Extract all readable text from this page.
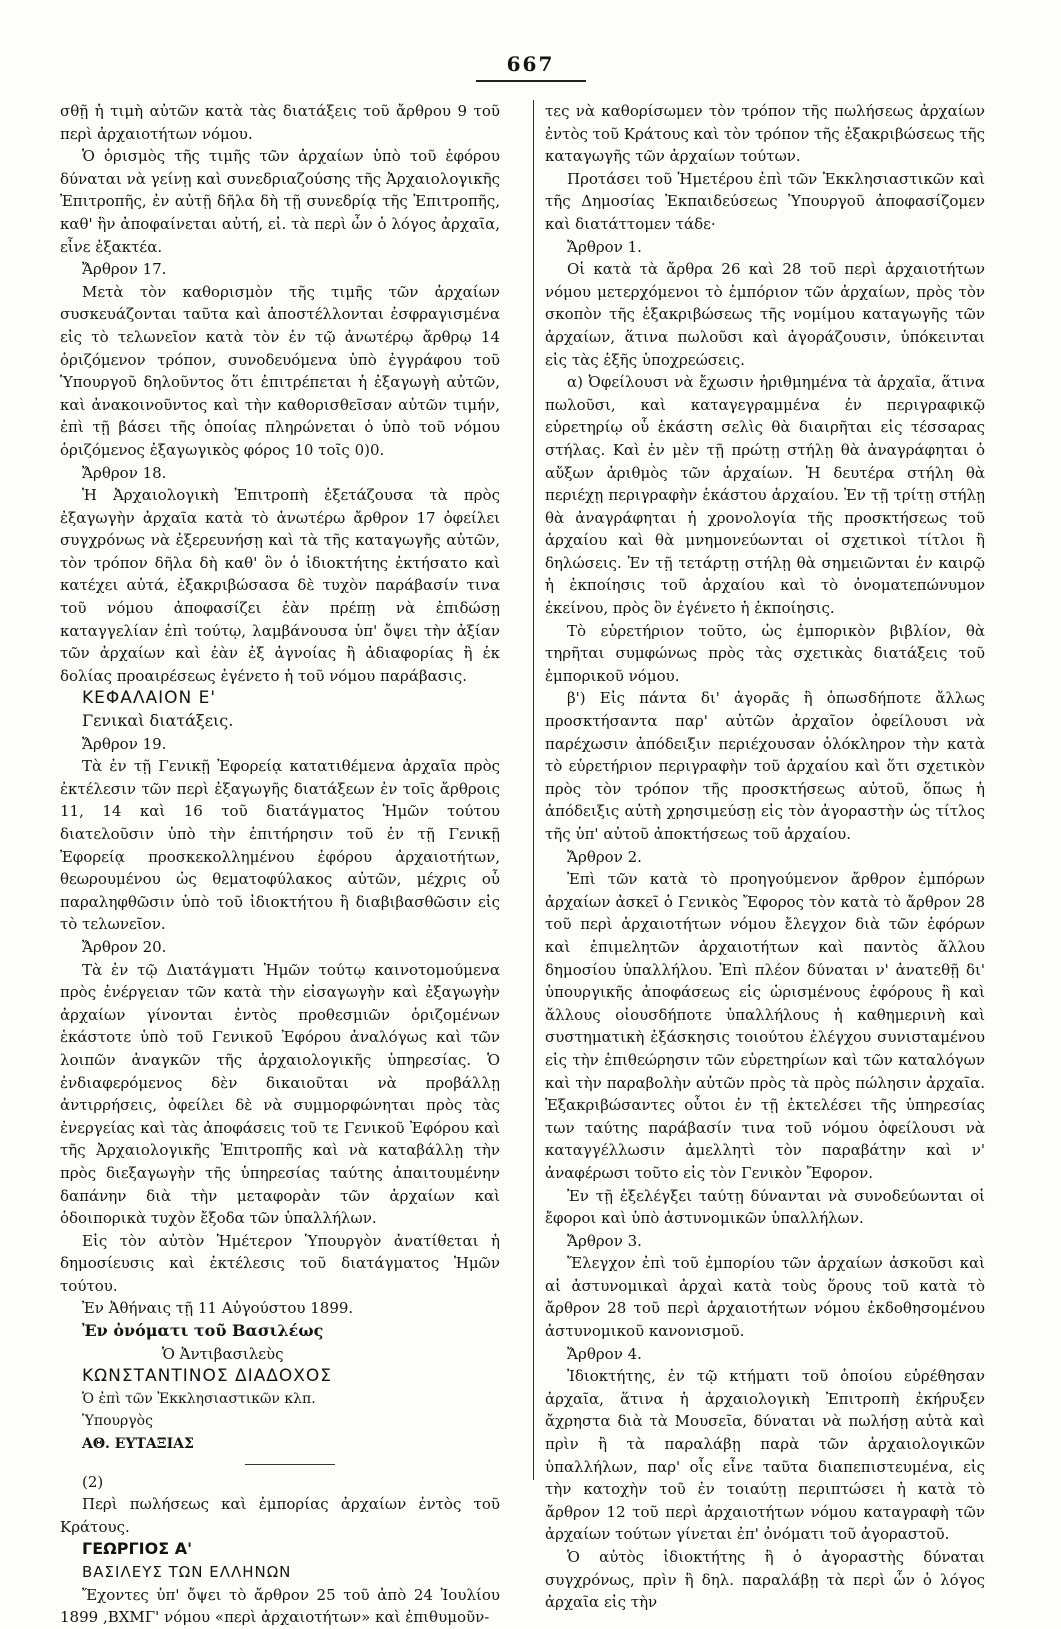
667

σθῇ ἡ τιμὴ αὐτῶν κατὰ τὰς διατάξεις τοῦ ἄρθρου 9 τοῦ περὶ ἀρχαιοτήτων νόμου.

Ὁ ὁρισμὸς τῆς τιμῆς τῶν ἀρχαίων ὑπὸ τοῦ ἐφόρου δύναται νὰ γείνῃ καὶ συνεδριαζούσης τῆς Ἀρχαιολογικῆς Ἐπιτροπῆς, ἐν αὐτῇ δῆλα δὴ τῇ συνεδρίᾳ τῆς Ἐπιτροπῆς, καθ' ἣν ἀποφαίνεται αὐτή, εἰ. τὰ περὶ ὧν ὁ λόγος ἀρχαῖα, εἶνε ἐξακτέα.

Ἄρθρον 17.

Μετὰ τὸν καθορισμὸν τῆς τιμῆς τῶν ἀρχαίων συσκευάζονται ταῦτα καὶ ἀποστέλλονται ἐσφραγισμένα εἰς τὸ τελωνεῖον κατὰ τὸν ἐν τῷ ἀνωτέρῳ ἄρθρῳ 14 ὁριζόμενον τρόπον, συνοδευόμενα ὑπὸ ἐγγράφου τοῦ Ὑπουργοῦ δηλοῦντος ὅτι ἐπιτρέπεται ἡ ἐξαγωγὴ αὐτῶν, καὶ ἀνακοινοῦντος καὶ τὴν καθορισθεῖσαν αὐτῶν τιμήν, ἐπὶ τῇ βάσει τῆς ὁποίας πληρώνεται ὁ ὑπὸ τοῦ νόμου ὁριζόμενος ἐξαγωγικὸς φόρος 10 τοῖς 0)0.

Ἄρθρον 18.

Ἡ Ἀρχαιολογικὴ Ἐπιτροπὴ ἐξετάζουσα τὰ πρὸς ἐξαγωγὴν ἀρχαῖα κατὰ τὸ ἀνωτέρω ἄρθρον 17 ὀφείλει συγχρόνως νὰ ἐξερευνήσῃ καὶ τὰ τῆς καταγωγῆς αὐτῶν, τὸν τρόπον δῆλα δὴ καθ' ὃν ὁ ἰδιοκτήτης ἐκτήσατο καὶ κατέχει αὐτά, ἐξακριβώσασα δὲ τυχὸν παράβασίν τινα τοῦ νόμου ἀποφασίζει ἐὰν πρέπῃ νὰ ἐπιδώσῃ καταγγελίαν ἐπὶ τούτῳ, λαμβάνουσα ὑπ' ὄψει τὴν ἀξίαν τῶν ἀρχαίων καὶ ἐὰν ἐξ ἀγνοίας ἢ ἀδιαφορίας ἢ ἐκ δολίας προαιρέσεως ἐγένετο ἡ τοῦ νόμου παράβασις.

ΚΕΦΑΛΑΙΟΝ Ε'

Γενικαὶ διατάξεις.

Ἄρθρον 19.

Τὰ ἐν τῇ Γενικῇ Ἐφορείᾳ κατατιθέμενα ἀρχαῖα πρὸς ἐκτέλεσιν τῶν περὶ ἐξαγωγῆς διατάξεων ἐν τοῖς ἄρθροις 11, 14 καὶ 16 τοῦ διατάγματος Ἡμῶν τούτου διατελοῦσιν ὑπὸ τὴν ἐπιτήρησιν τοῦ ἐν τῇ Γενικῇ Ἐφορείᾳ προσκεκολλημένου ἐφόρου ἀρχαιοτήτων, θεωρουμένου ὡς θεματοφύλακος αὐτῶν, μέχρις οὗ παραληφθῶσιν ὑπὸ τοῦ ἰδιοκτήτου ἢ διαβιβασθῶσιν εἰς τὸ τελωνεῖον.

Ἄρθρον 20.

Τὰ ἐν τῷ Διατάγματι Ἡμῶν τούτῳ καινοτομούμενα πρὸς ἐνέργειαν τῶν κατὰ τὴν εἰσαγωγὴν καὶ ἐξαγωγὴν ἀρχαίων γίνονται ἐντὸς προθεσμιῶν ὁριζομένων ἑκάστοτε ὑπὸ τοῦ Γενικοῦ Ἐφόρου ἀναλόγως καὶ τῶν λοιπῶν ἀναγκῶν τῆς ἀρχαιολογικῆς ὑπηρεσίας. Ὁ ἐνδιαφερόμενος δὲν δικαιοῦται νὰ προβάλλῃ ἀντιρρήσεις, ὀφείλει δὲ νὰ συμμορφώνηται πρὸς τὰς ἐνεργείας καὶ τὰς ἀποφάσεις τοῦ τε Γενικοῦ Ἐφόρου καὶ τῆς Ἀρχαιολογικῆς Ἐπιτροπῆς καὶ νὰ καταβάλλῃ τὴν πρὸς διεξαγωγὴν τῆς ὑπηρεσίας ταύτης ἀπαιτουμένην δαπάνην διὰ τὴν μεταφορὰν τῶν ἀρχαίων καὶ ὁδοιπορικὰ τυχὸν ἔξοδα τῶν ὑπαλλήλων.

Εἰς τὸν αὐτὸν Ἡμέτερον Ὑπουργὸν ἀνατίθεται ἡ δημοσίευσις καὶ ἐκτέλεσις τοῦ διατάγματος Ἡμῶν τούτου.

Ἐν Ἀθήναις τῇ 11 Αὐγούστου 1899.

Ἐν ὀνόματι τοῦ Βασιλέως

Ὁ Ἀντιβασιλεὺς

ΚΩΝΣΤΑΝΤΙΝΟΣ ΔΙΑΔΟΧΟΣ

Ὁ ἐπὶ τῶν Ἐκκλησιαστικῶν κλπ.

Ὑπουργὸς

ΑΘ. ΕΥΤΑΞΙΑΣ

(2)

Περὶ πωλήσεως καὶ ἐμπορίας ἀρχαίων ἐντὸς τοῦ Κράτους.

ΓΕΩΡΓΙΟΣ Α'

ΒΑΣΙΛΕΥΣ ΤΩΝ ΕΛΛΗΝΩΝ

Ἔχοντες ὑπ' ὄψει τὸ ἄρθρον 25 τοῦ ἀπὸ 24 Ἰουλίου 1899 ,ΒΧΜΓ' νόμου «περὶ ἀρχαιοτήτων» καὶ ἐπιθυμοῦν-

τες νὰ καθορίσωμεν τὸν τρόπον τῆς πωλήσεως ἀρχαίων ἐντὸς τοῦ Κράτους καὶ τὸν τρόπον τῆς ἐξακριβώσεως τῆς καταγωγῆς τῶν ἀρχαίων τούτων.

Προτάσει τοῦ Ἡμετέρου ἐπὶ τῶν Ἐκκλησιαστικῶν καὶ τῆς Δημοσίας Ἐκπαιδεύσεως Ὑπουργοῦ ἀποφασίζομεν καὶ διατάττομεν τάδε·

Ἄρθρον 1.

Οἱ κατὰ τὰ ἄρθρα 26 καὶ 28 τοῦ περὶ ἀρχαιοτήτων νόμου μετερχόμενοι τὸ ἐμπόριον τῶν ἀρχαίων, πρὸς τὸν σκοπὸν τῆς ἐξακριβώσεως τῆς νομίμου καταγωγῆς τῶν ἀρχαίων, ἅτινα πωλοῦσι καὶ ἀγοράζουσιν, ὑπόκεινται εἰς τὰς ἑξῆς ὑποχρεώσεις.

α) Ὀφείλουσι νὰ ἔχωσιν ἠριθμημένα τὰ ἀρχαῖα, ἅτινα πωλοῦσι, καὶ καταγεγραμμένα ἐν περιγραφικῷ εὑρετηρίῳ οὗ ἑκάστη σελὶς θὰ διαιρῆται εἰς τέσσαρας στήλας. Καὶ ἐν μὲν τῇ πρώτῃ στήλῃ θὰ ἀναγράφηται ὁ αὔξων ἀριθμὸς τῶν ἀρχαίων. Ἡ δευτέρα στήλη θὰ περιέχῃ περιγραφὴν ἑκάστου ἀρχαίου. Ἐν τῇ τρίτῃ στήλῃ θὰ ἀναγράφηται ἡ χρονολογία τῆς προσκτήσεως τοῦ ἀρχαίου καὶ θὰ μνημονεύωνται οἱ σχετικοὶ τίτλοι ἢ δηλώσεις. Ἐν τῇ τετάρτῃ στήλῃ θὰ σημειῶνται ἐν καιρῷ ἡ ἐκποίησις τοῦ ἀρχαίου καὶ τὸ ὀνοματεπώνυμον ἐκείνου, πρὸς ὃν ἐγένετο ἡ ἐκποίησις.

Τὸ εὑρετήριον τοῦτο, ὡς ἐμπορικὸν βιβλίον, θὰ τηρῆται συμφώνως πρὸς τὰς σχετικὰς διατάξεις τοῦ ἐμπορικοῦ νόμου.

β') Εἰς πάντα δι' ἀγορᾶς ἢ ὁπωσδήποτε ἄλλως προσκτήσαντα παρ' αὐτῶν ἀρχαῖον ὀφείλουσι νὰ παρέχωσιν ἀπόδειξιν περιέχουσαν ὁλόκληρον τὴν κατὰ τὸ εὑρετήριον περιγραφὴν τοῦ ἀρχαίου καὶ ὅτι σχετικὸν πρὸς τὸν τρόπον τῆς προσκτήσεως αὐτοῦ, ὅπως ἡ ἀπόδειξις αὐτὴ χρησιμεύσῃ εἰς τὸν ἀγοραστὴν ὡς τίτλος τῆς ὑπ' αὐτοῦ ἀποκτήσεως τοῦ ἀρχαίου.

Ἄρθρον 2.

Ἐπὶ τῶν κατὰ τὸ προηγούμενον ἄρθρον ἐμπόρων ἀρχαίων ἀσκεῖ ὁ Γενικὸς Ἔφορος τὸν κατὰ τὸ ἄρθρον 28 τοῦ περὶ ἀρχαιοτήτων νόμου ἔλεγχον διὰ τῶν ἐφόρων καὶ ἐπιμελητῶν ἀρχαιοτήτων καὶ παντὸς ἄλλου δημοσίου ὑπαλλήλου. Ἐπὶ πλέον δύναται ν' ἀνατεθῇ δι' ὑπουργικῆς ἀποφάσεως εἰς ὡρισμένους ἐφόρους ἢ καὶ ἄλλους οἰουσδήποτε ὑπαλλήλους ἡ καθημερινὴ καὶ συστηματικὴ ἐξάσκησις τοιούτου ἐλέγχου συνισταμένου εἰς τὴν ἐπιθεώρησιν τῶν εὑρετηρίων καὶ τῶν καταλόγων καὶ τὴν παραβολὴν αὐτῶν πρὸς τὰ πρὸς πώλησιν ἀρχαῖα. Ἐξακριβώσαντες οὗτοι ἐν τῇ ἐκτελέσει τῆς ὑπηρεσίας των ταύτης παράβασίν τινα τοῦ νόμου ὀφείλουσι νὰ καταγγέλλωσιν ἀμελλητὶ τὸν παραβάτην καὶ ν' ἀναφέρωσι τοῦτο εἰς τὸν Γενικὸν Ἔφορον.

Ἐν τῇ ἐξελέγξει ταύτῃ δύνανται νὰ συνοδεύωνται οἱ ἔφοροι καὶ ὑπὸ ἀστυνομικῶν ὑπαλλήλων.

Ἄρθρον 3.

Ἔλεγχον ἐπὶ τοῦ ἐμπορίου τῶν ἀρχαίων ἀσκοῦσι καὶ αἱ ἀστυνομικαὶ ἀρχαὶ κατὰ τοὺς ὅρους τοῦ κατὰ τὸ ἄρθρον 28 τοῦ περὶ ἀρχαιοτήτων νόμου ἐκδοθησομένου ἀστυνομικοῦ κανονισμοῦ.

Ἄρθρον 4.

Ἰδιοκτήτης, ἐν τῷ κτήματι τοῦ ὁποίου εὑρέθησαν ἀρχαῖα, ἅτινα ἡ ἀρχαιολογικὴ Ἐπιτροπὴ ἐκήρυξεν ἄχρηστα διὰ τὰ Μουσεῖα, δύναται νὰ πωλήσῃ αὐτὰ καὶ πρὶν ἢ τὰ παραλάβῃ παρὰ τῶν ἀρχαιολογικῶν ὑπαλλήλων, παρ' οἷς εἶνε ταῦτα διαπεπιστευμένα, εἰς τὴν κατοχὴν τοῦ ἐν τοιαύτῃ περιπτώσει ἡ κατὰ τὸ ἄρθρον 12 τοῦ περὶ ἀρχαιοτήτων νόμου καταγραφὴ τῶν ἀρχαίων τούτων γίνεται ἐπ' ὀνόματι τοῦ ἀγοραστοῦ.

Ὁ αὐτὸς ἰδιοκτήτης ἢ ὁ ἀγοραστὴς δύναται συγχρόνως, πρὶν ἢ δηλ. παραλάβῃ τὰ περὶ ὧν ὁ λόγος ἀρχαῖα εἰς τὴν
